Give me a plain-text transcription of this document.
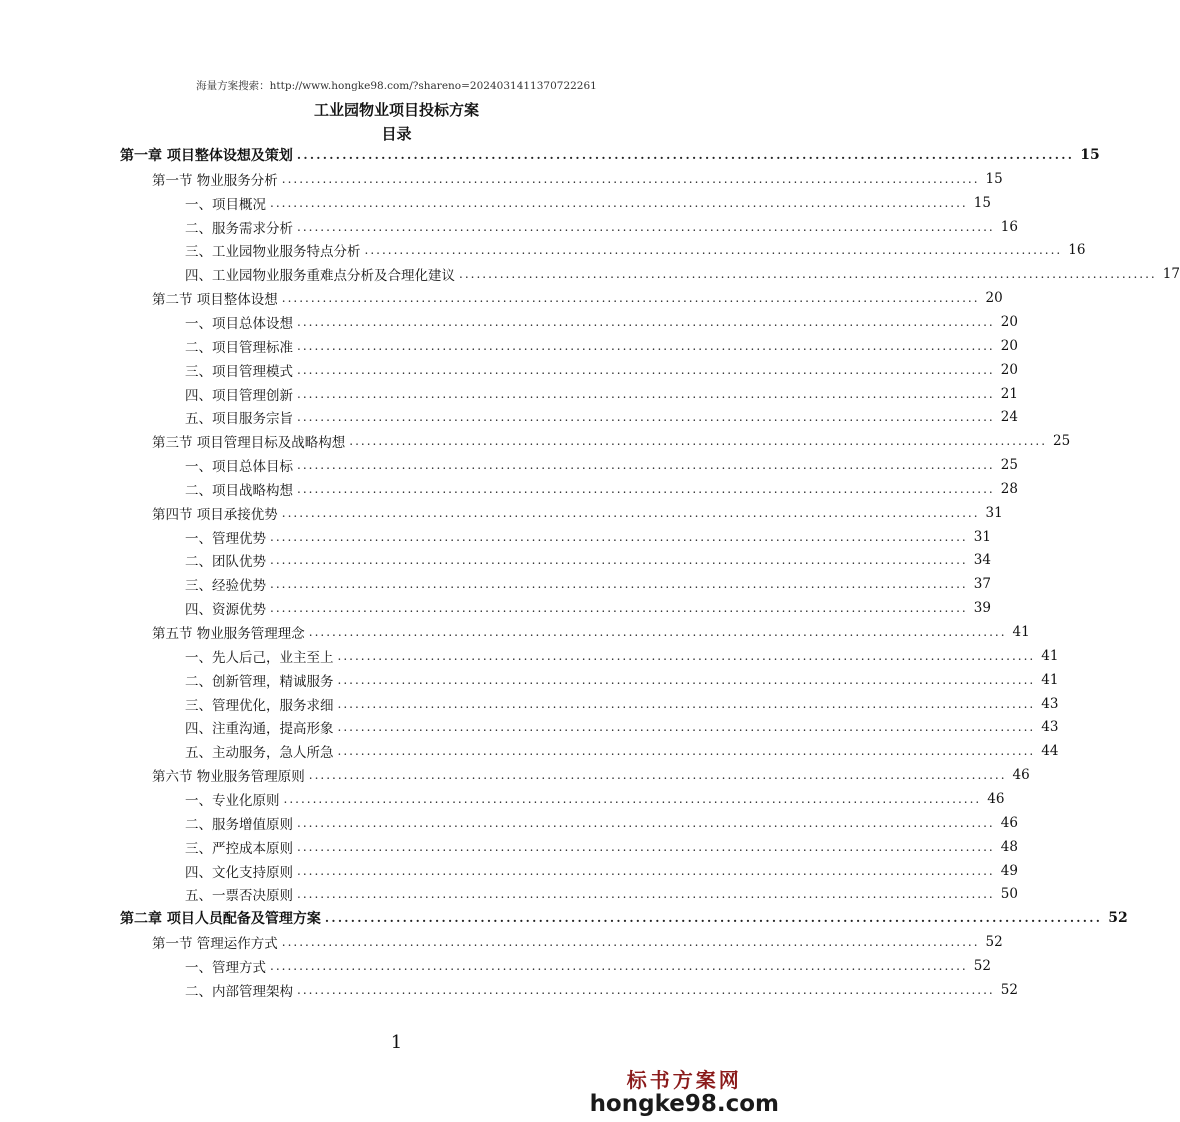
海量方案搜索：http://www.hongke98.com/?shareno=2024031411370722261
工业园物业项目投标方案
目录
第一章 项目整体设想及策划 ........................................................................................................................ 15
第一节 物业服务分析 ........................................................................................................................ 15
一、项目概况 ........................................................................................................................ 15
二、服务需求分析 ........................................................................................................................ 16
三、工业园物业服务特点分析 ........................................................................................................................ 16
四、工业园物业服务重难点分析及合理化建议 ........................................................................................................................ 17
第二节 项目整体设想 ........................................................................................................................ 20
一、项目总体设想 ........................................................................................................................ 20
二、项目管理标准 ........................................................................................................................ 20
三、项目管理模式 ........................................................................................................................ 20
四、项目管理创新 ........................................................................................................................ 21
五、项目服务宗旨 ........................................................................................................................ 24
第三节 项目管理目标及战略构想 ........................................................................................................................ 25
一、项目总体目标 ........................................................................................................................ 25
二、项目战略构想 ........................................................................................................................ 28
第四节 项目承接优势 ........................................................................................................................ 31
一、管理优势 ........................................................................................................................ 31
二、团队优势 ........................................................................................................................ 34
三、经验优势 ........................................................................................................................ 37
四、资源优势 ........................................................................................................................ 39
第五节 物业服务管理理念 ........................................................................................................................ 41
一、先人后己，业主至上 ........................................................................................................................ 41
二、创新管理，精诚服务 ........................................................................................................................ 41
三、管理优化，服务求细 ........................................................................................................................ 43
四、注重沟通，提高形象 ........................................................................................................................ 43
五、主动服务，急人所急 ........................................................................................................................ 44
第六节 物业服务管理原则 ........................................................................................................................ 46
一、专业化原则 ........................................................................................................................ 46
二、服务增值原则 ........................................................................................................................ 46
三、严控成本原则 ........................................................................................................................ 48
四、文化支持原则 ........................................................................................................................ 49
五、一票否决原则 ........................................................................................................................ 50
第二章 项目人员配备及管理方案 ........................................................................................................................ 52
第一节 管理运作方式 ........................................................................................................................ 52
一、管理方式 ........................................................................................................................ 52
二、内部管理架构 ........................................................................................................................ 52
1
标书方案网
hongke98.com
